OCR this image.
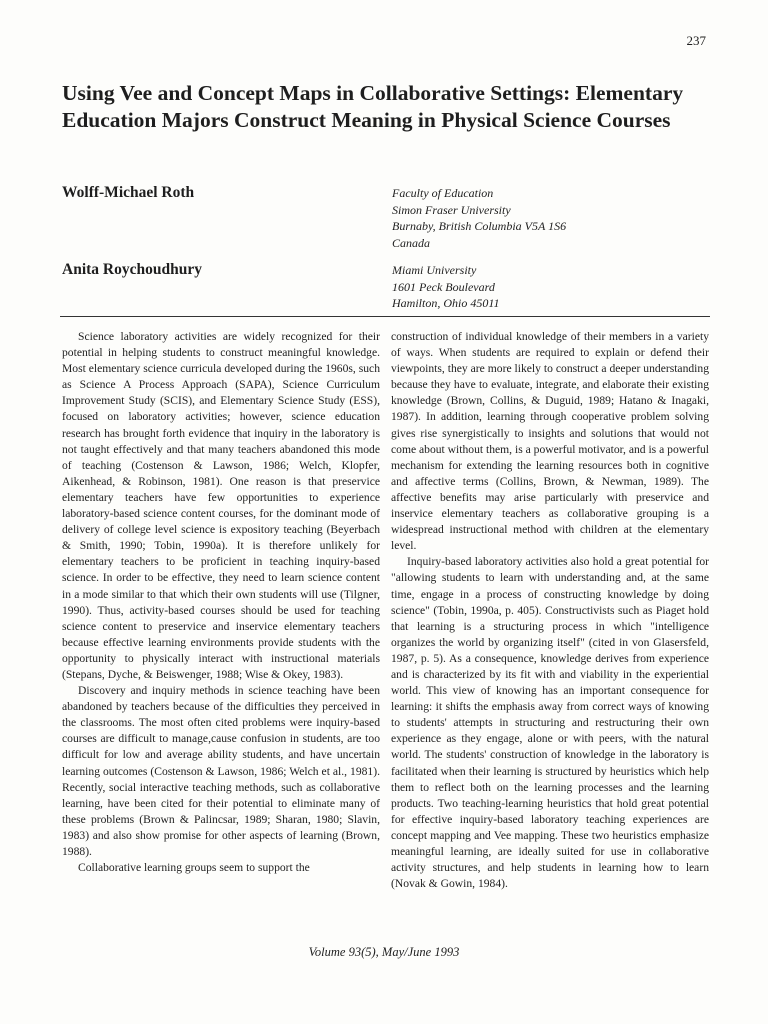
237
Using Vee and Concept Maps in Collaborative Settings: Elementary Education Majors Construct Meaning in Physical Science Courses
Wolff-Michael Roth	Faculty of Education
Simon Fraser University
Burnaby, British Columbia V5A 1S6
Canada
Anita Roychoudhury	Miami University
1601 Peck Boulevard
Hamilton, Ohio 45011

Science laboratory activities are widely recognized for their potential in helping students to construct meaningful knowledge. Most elementary science curricula developed during the 1960s, such as Science A Process Approach (SAPA), Science Curriculum Improvement Study (SCIS), and Elementary Science Study (ESS), focused on laboratory activities; however, science education research has brought forth evidence that inquiry in the laboratory is not taught effectively and that many teachers abandoned this mode of teaching (Costenson & Lawson, 1986; Welch, Klopfer, Aikenhead, & Robinson, 1981). One reason is that preservice elementary teachers have few opportunities to experience laboratory-based science content courses, for the dominant mode of delivery of college level science is expository teaching (Beyerbach & Smith, 1990; Tobin, 1990a). It is therefore unlikely for elementary teachers to be proficient in teaching inquiry-based science. In order to be effective, they need to learn science content in a mode similar to that which their own students will use (Tilgner, 1990). Thus, activity-based courses should be used for teaching science content to preservice and inservice elementary teachers because effective learning environments provide students with the opportunity to physically interact with instructional materials (Stepans, Dyche, & Beiswenger, 1988; Wise & Okey, 1983).

Discovery and inquiry methods in science teaching have been abandoned by teachers because of the difficulties they perceived in the classrooms. The most often cited problems were inquiry-based courses are difficult to manage,cause confusion in students, are too difficult for low and average ability students, and have uncertain learning outcomes (Costenson & Lawson, 1986; Welch et al., 1981). Recently, social interactive teaching methods, such as collaborative learning, have been cited for their potential to eliminate many of these problems (Brown & Palincsar, 1989; Sharan, 1980; Slavin, 1983) and also show promise for other aspects of learning (Brown, 1988).

Collaborative learning groups seem to support the

construction of individual knowledge of their members in a variety of ways. When students are required to explain or defend their viewpoints, they are more likely to construct a deeper understanding because they have to evaluate, integrate, and elaborate their existing knowledge (Brown, Collins, & Duguid, 1989; Hatano & Inagaki, 1987). In addition, learning through cooperative problem solving gives rise synergistically to insights and solutions that would not come about without them, is a powerful motivator, and is a powerful mechanism for extending the learning resources both in cognitive and affective terms (Collins, Brown, & Newman, 1989). The affective benefits may arise particularly with preservice and inservice elementary teachers as collaborative grouping is a widespread instructional method with children at the elementary level.

Inquiry-based laboratory activities also hold a great potential for "allowing students to learn with understanding and, at the same time, engage in a process of constructing knowledge by doing science" (Tobin, 1990a, p. 405). Constructivists such as Piaget hold that learning is a structuring process in which "intelligence organizes the world by organizing itself" (cited in von Glasersfeld, 1987, p. 5). As a consequence, knowledge derives from experience and is characterized by its fit with and viability in the experiential world. This view of knowing has an important consequence for learning: it shifts the emphasis away from correct ways of knowing to students' attempts in structuring and restructuring their own experience as they engage, alone or with peers, with the natural world. The students' construction of knowledge in the laboratory is facilitated when their learning is structured by heuristics which help them to reflect both on the learning processes and the learning products. Two teaching-learning heuristics that hold great potential for effective inquiry-based laboratory teaching experiences are concept mapping and Vee mapping. These two heuristics emphasize meaningful learning, are ideally suited for use in collaborative activity structures, and help students in learning how to learn (Novak & Gowin, 1984).

Volume 93(5), May/June 1993
